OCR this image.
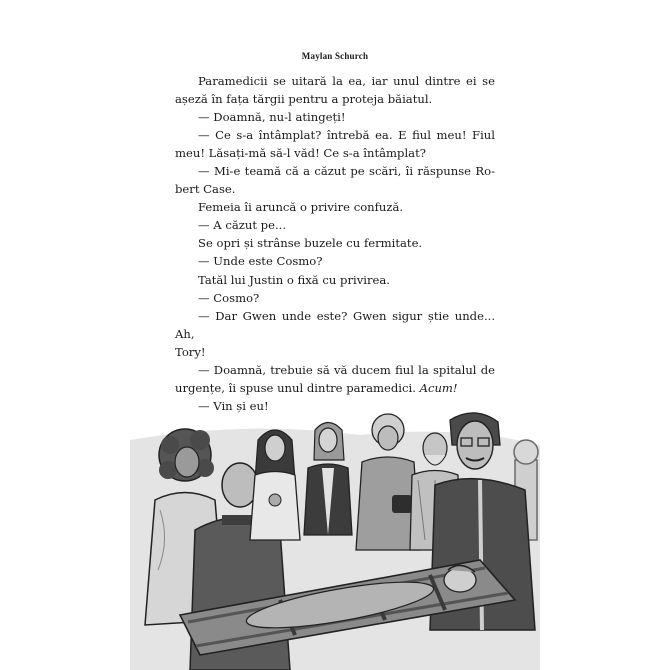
Maylan Schurch

Paramedicii se uitară la ea, iar unul dintre ei se
așeză în fața tărgii pentru a proteja băiatul.

— Doamnă, nu-l atingeți!

— Ce s-a întâmplat? întrebă ea. E fiul meu! Fiul
meu! Lăsați-mă să-l văd! Ce s-a întâmplat?

— Mi-e teamă că a căzut pe scări, îi răspunse Ro-
bert Case.

Femeia îi aruncă o privire confuză.

— A căzut pe...

Se opri și strânse buzele cu fermitate.

— Unde este Cosmo?

Tatăl lui Justin o fixă cu privirea.

— Cosmo?

— Dar Gwen unde este? Gwen sigur știe unde... Ah,
Tory!

— Doamnă, trebuie să vă ducem fiul la spitalul de
urgențe, îi spuse unul dintre paramedici. Acum!

— Vin și eu!
